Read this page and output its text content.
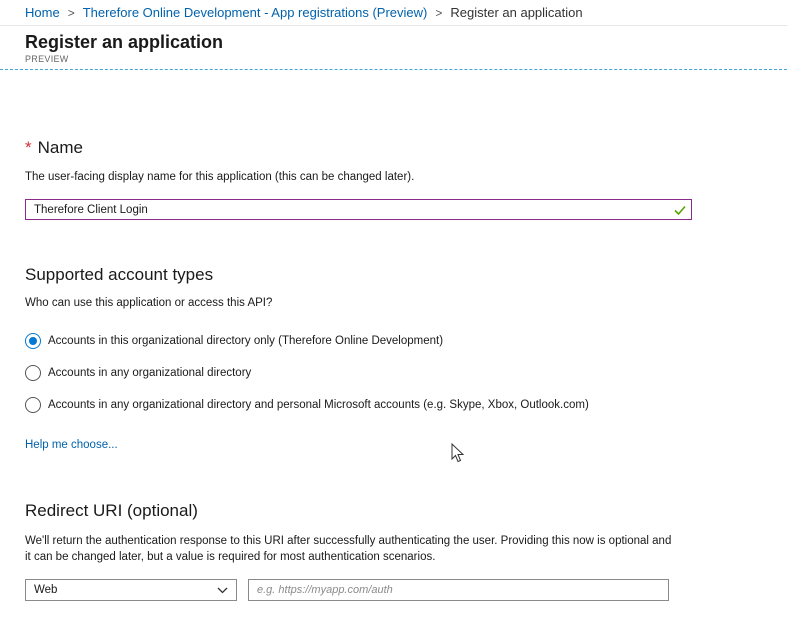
Home > Therefore Online Development - App registrations (Preview) > Register an application
Register an application
PREVIEW
* Name
The user-facing display name for this application (this can be changed later).
Therefore Client Login
Supported account types
Who can use this application or access this API?
Accounts in this organizational directory only (Therefore Online Development)
Accounts in any organizational directory
Accounts in any organizational directory and personal Microsoft accounts (e.g. Skype, Xbox, Outlook.com)
Help me choose...
Redirect URI (optional)
We'll return the authentication response to this URI after successfully authenticating the user. Providing this now is optional and
it can be changed later, but a value is required for most authentication scenarios.
Web
e.g. https://myapp.com/auth
